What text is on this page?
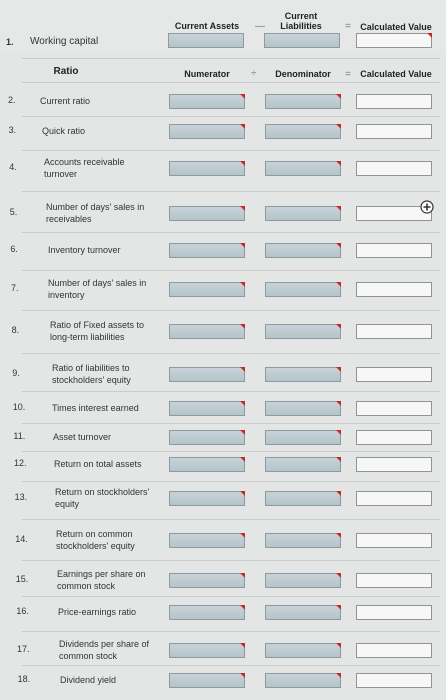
Current Assets	—
Current Liabilities	=	Calculated Value
1. Working capital
Ratio	Numerator	÷	Denominator	=	Calculated Value
2.	Current ratio
3.	Quick ratio
4.	Accounts receivable turnover
5.	Number of days' sales in receivables
6.	Inventory turnover
7.	Number of days' sales in inventory
8.	Ratio of Fixed assets to long-term liabilities
9.	Ratio of liabilities to stockholders' equity
10.	Times interest earned
11.	Asset turnover
12.	Return on total assets
13.	Return on stockholders' equity
14.	Return on common stockholders' equity
15.	Earnings per share on common stock
16.	Price-earnings ratio
17.	Dividends per share of common stock
18.	Dividend yield
